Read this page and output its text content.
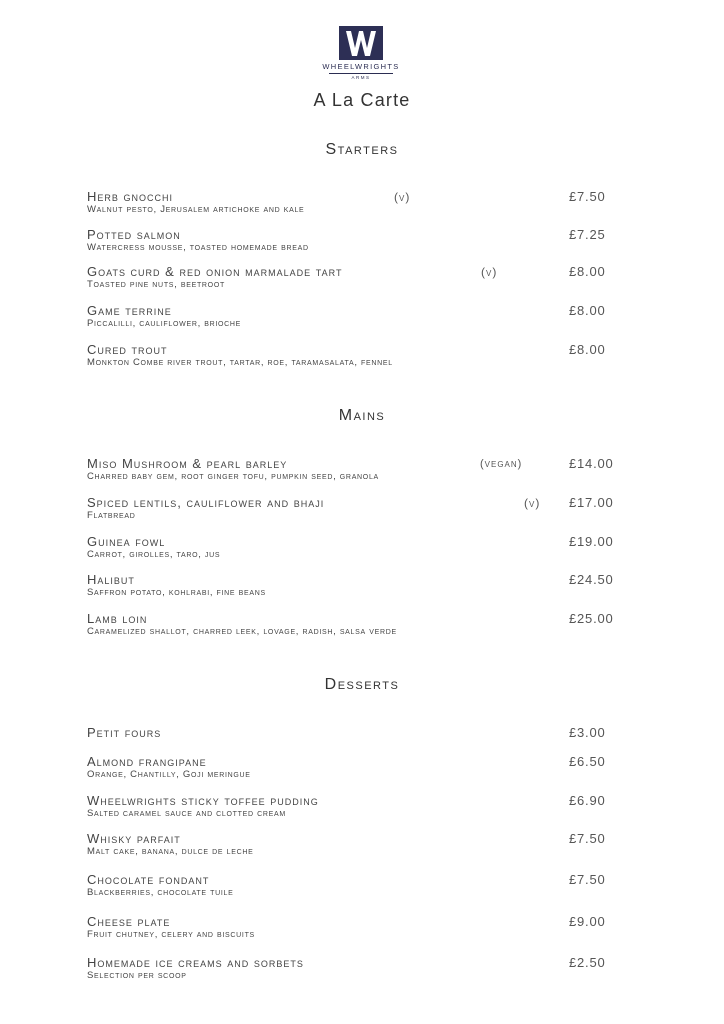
WHEELWRIGHTS
ARMS
A La Carte
Starters
Herb gnocchi
Walnut pesto, Jerusalem artichoke and kale
(v)	£7.50
Potted salmon
Watercress mousse, toasted homemade bread
£7.25
Goats curd & red onion marmalade tart
Toasted pine nuts, beetroot
(v)	£8.00
Game terrine
Piccalilli, cauliflower, brioche
£8.00
Cured trout
Monkton Combe river trout, tartar, roe, taramasalata, fennel
£8.00
Mains
Miso Mushroom & pearl barley
Charred baby gem, root ginger tofu, pumpkin seed, granola
(vegan)	£14.00
Spiced lentils, cauliflower and bhaji
Flatbread
(v) £17.00
Guinea fowl
Carrot, girolles, taro, jus
£19.00
Halibut
Saffron potato, kohlrabi, fine beans
£24.50
Lamb loin
Caramelized shallot, charred leek, lovage, radish, salsa verde
£25.00
Desserts
Petit fours	£3.00
Almond frangipane
Orange, Chantilly, Goji meringue
£6.50
Wheelwrights sticky toffee pudding
Salted caramel sauce and clotted cream
£6.90
Whisky parfait
Malt cake, banana, dulce de leche
£7.50
Chocolate fondant
Blackberries, chocolate tuile
£7.50
Cheese plate
Fruit chutney, celery and biscuits
£9.00
Homemade ice creams and sorbets
Selection per scoop
£2.50
